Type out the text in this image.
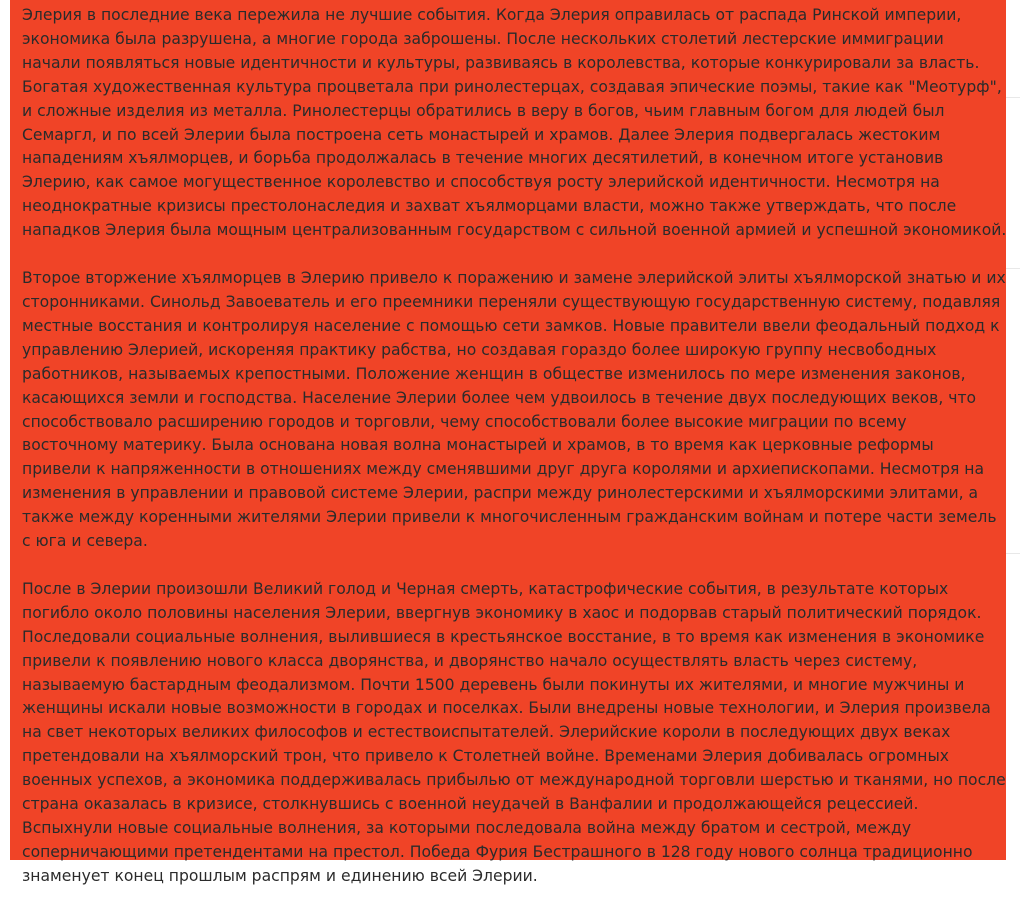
Элерия в последние века пережила не лучшие события. Когда Элерия оправилась от распада Ринской империи, экономика была разрушена, а многие города заброшены. После нескольких столетий лестерские иммиграции начали появляться новые идентичности и культуры, развиваясь в королевства, которые конкурировали за власть. Богатая художественная культура процветала при ринолестерцах, создавая эпические поэмы, такие как "Меотурф", и сложные изделия из металла. Ринолестерцы обратились в веру в богов, чьим главным богом для людей был Семаргл, и по всей Элерии была построена сеть монастырей и храмов. Далее Элерия подвергалась жестоким нападениям хъялморцев, и борьба продолжалась в течение многих десятилетий, в конечном итоге установив Элерию, как самое могущественное королевство и способствуя росту элерийской идентичности. Несмотря на неоднократные кризисы престолонаследия и захват хъялморцами власти, можно также утверждать, что после нападков Элерия была мощным централизованным государством с сильной военной армией и успешной экономикой.

Второе вторжение хъялморцев в Элерию привело к поражению и замене элерийской элиты хъялморской знатью и их сторонниками. Синольд Завоеватель и его преемники переняли существующую государственную систему, подавляя местные восстания и контролируя население с помощью сети замков. Новые правители ввели феодальный подход к управлению Элерией, искореняя практику рабства, но создавая гораздо более широкую группу несвободных работников, называемых крепостными. Положение женщин в обществе изменилось по мере изменения законов, касающихся земли и господства. Население Элерии более чем удвоилось в течение двух последующих веков, что способствовало расширению городов и торговли, чему способствовали более высокие миграции по всему восточному материку. Была основана новая волна монастырей и храмов, в то время как церковные реформы привели к напряженности в отношениях между сменявшими друг друга королями и архиепископами. Несмотря на изменения в управлении и правовой системе Элерии, распри между ринолестерскими и хъялморскими элитами, а также между коренными жителями Элерии привели к многочисленным гражданским войнам и потере части земель с юга и севера.

После в Элерии произошли Великий голод и Черная смерть, катастрофические события, в результате которых погибло около половины населения Элерии, ввергнув экономику в хаос и подорвав старый политический порядок. Последовали социальные волнения, вылившиеся в крестьянское восстание, в то время как изменения в экономике привели к появлению нового класса дворянства, и дворянство начало осуществлять власть через систему, называемую бастардным феодализмом. Почти 1500 деревень были покинуты их жителями, и многие мужчины и женщины искали новые возможности в городах и поселках. Были внедрены новые технологии, и Элерия произвела на свет некоторых великих философов и естествоиспытателей. Элерийские короли в последующих двух веках претендовали на хъялморский трон, что привело к Столетней войне. Временами Элерия добивалась огромных военных успехов, а экономика поддерживалась прибылью от международной торговли шерстью и тканями, но после страна оказалась в кризисе, столкнувшись с военной неудачей в Ванфалии и продолжающейся рецессией. Вспыхнули новые социальные волнения, за которыми последовала война между братом и сестрой, между соперничающими претендентами на престол. Победа Фурия Бестрашного в 128 году нового солнца традиционно знаменует конец прошлым распрям и единению всей Элерии.
